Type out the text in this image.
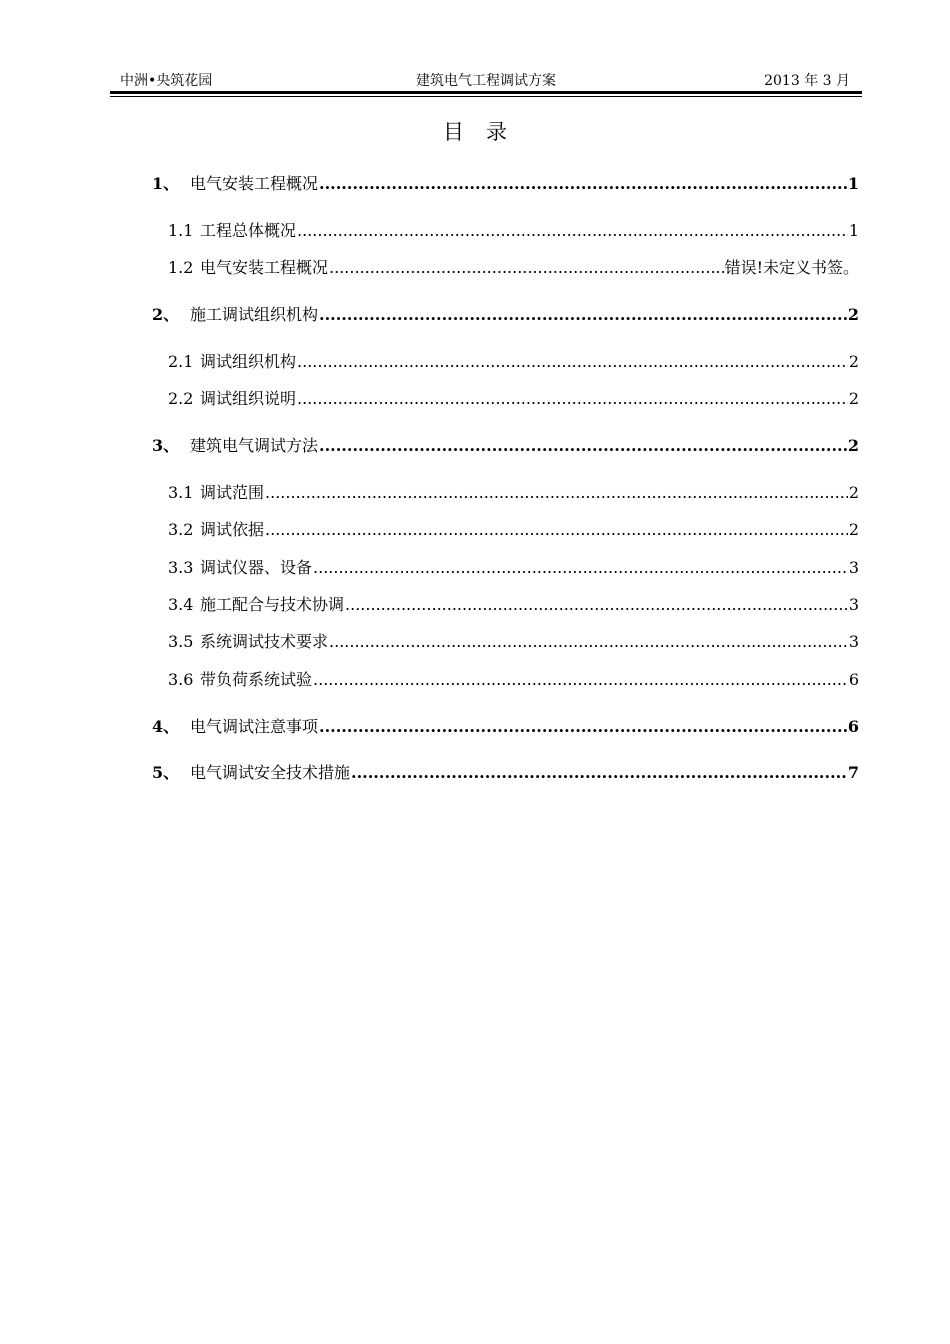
建筑电气工程调试方案
中洲•央筑花园	2013 年 3 月
目录
1、 电气安装工程概况 .....	1
1.1 工程总体概况 .....	1
1.2 电气安装工程概况 .....	错误!未定义书签。
2、 施工调试组织机构 .....	2
2.1 调试组织机构 .....	2
2.2 调试组织说明 .....	2
3、 建筑电气调试方法 .....	2
3.1 调试范围 .....	2
3.2 调试依据 .....	2
3.3 调试仪器、设备 .....	3
3.4 施工配合与技术协调 .....	3
3.5 系统调试技术要求 .....	3
3.6 带负荷系统试验 .....	6
4、 电气调试注意事项 .....	6
5、 电气调试安全技术措施 .....	7
